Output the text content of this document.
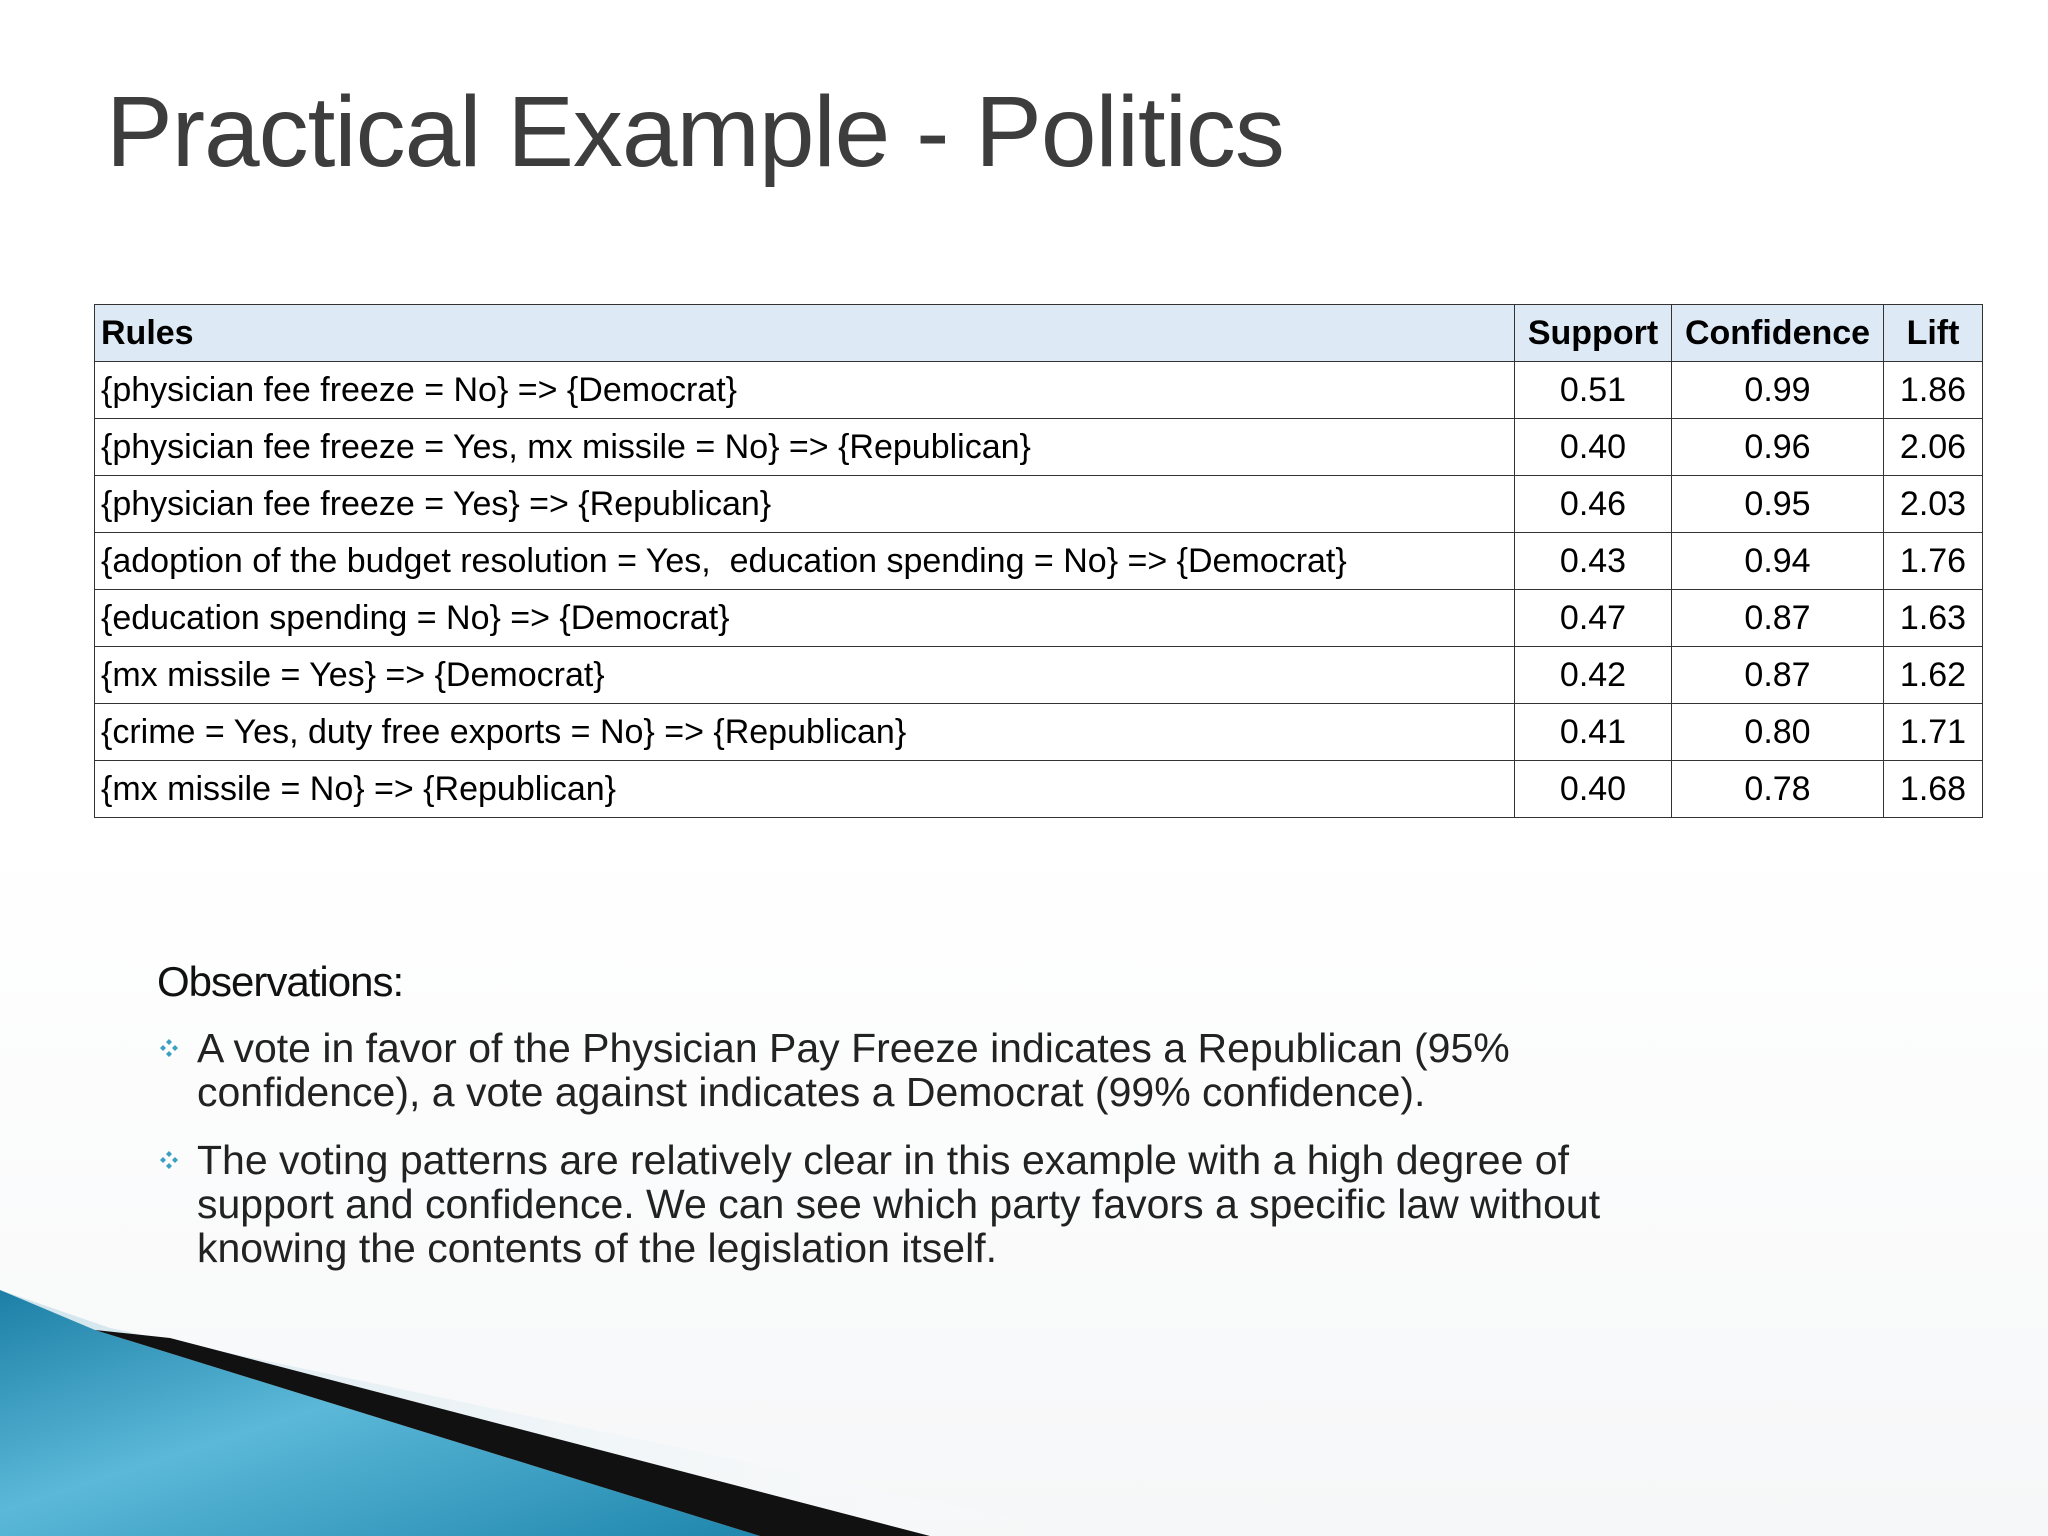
Practical Example - Politics
Rules	Support	Confidence	Lift
{physician fee freeze = No} => {Democrat}	0.51	0.99	1.86
{physician fee freeze = Yes, mx missile = No} => {Republican}	0.40	0.96	2.06
{physician fee freeze = Yes} => {Republican}	0.46	0.95	2.03
{adoption of the budget resolution = Yes,  education spending = No} => {Democrat}	0.43	0.94	1.76
{education spending = No} => {Democrat}	0.47	0.87	1.63
{mx missile = Yes} => {Democrat}	0.42	0.87	1.62
{crime = Yes, duty free exports = No} => {Republican}	0.41	0.80	1.71
{mx missile = No} => {Republican}	0.40	0.78	1.68
Observations:
A vote in favor of the Physician Pay Freeze indicates a Republican (95% confidence), a vote against indicates a Democrat (99% confidence).
The voting patterns are relatively clear in this example with a high degree of support and confidence. We can see which party favors a specific law without knowing the contents of the legislation itself.
